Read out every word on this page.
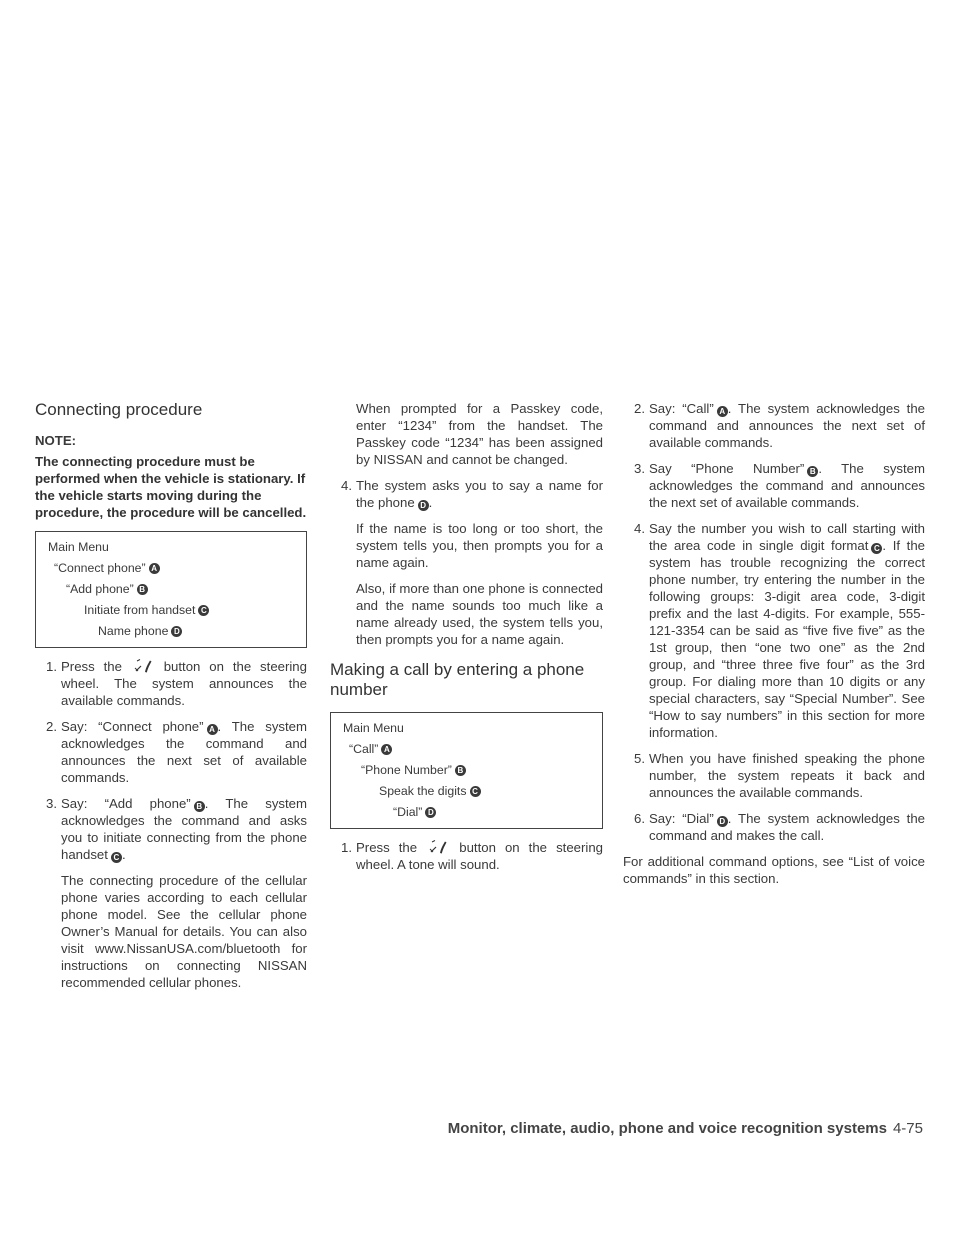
Connecting procedure
NOTE:
The connecting procedure must be performed when the vehicle is stationary. If the vehicle starts moving during the procedure, the procedure will be cancelled.
Main Menu
“Connect phone” A
“Add phone” B
Initiate from handset C
Name phone D
1. Press the	button on the steering wheel. The system announces the available commands.
2. Say: “Connect phone” A . The system acknowledges the command and announces the next set of available commands.
3. Say: “Add phone” B . The system acknowledges the command and asks you to initiate connecting from the phone handset C .

The connecting procedure of the cellular phone varies according to each cellular phone model. See the cellular phone Owner’s Manual for details. You can also visit www.NissanUSA.com/bluetooth for instructions on connecting NISSAN recommended cellular phones.

When prompted for a Passkey code, enter “1234” from the handset. The Passkey code “1234” has been assigned by NISSAN and cannot be changed.

4. The system asks you to say a name for the phone D .

If the name is too long or too short, the system tells you, then prompts you for a name again.

Also, if more than one phone is connected and the name sounds too much like a name already used, the system tells you, then prompts you for a name again.

Making a call by entering a phone number
Main Menu
“Call” A
“Phone Number” B
Speak the digits C
“Dial” D
1. Press the	button on the steering wheel. A tone will sound.
2. Say: “Call” A . The system acknowledges the command and announces the next set of available commands.
3. Say “Phone Number” B . The system acknowledges the command and announces the next set of available commands.
4. Say the number you wish to call starting with the area code in single digit format C . If the system has trouble recognizing the correct phone number, try entering the number in the following groups: 3-digit area code, 3-digit prefix and the last 4-digits. For example, 555-121-3354 can be said as “five five five” as the 1st group, then “one two one” as the 2nd group, and “three three five four” as the 3rd group. For dialing more than 10 digits or any special characters, say “Special Number”. See “How to say numbers” in this section for more information.
5. When you have finished speaking the phone number, the system repeats it back and announces the available commands.
6. Say: “Dial” D . The system acknowledges the command and makes the call.

For additional command options, see “List of voice commands” in this section.

Monitor, climate, audio, phone and voice recognition systems 4-75
